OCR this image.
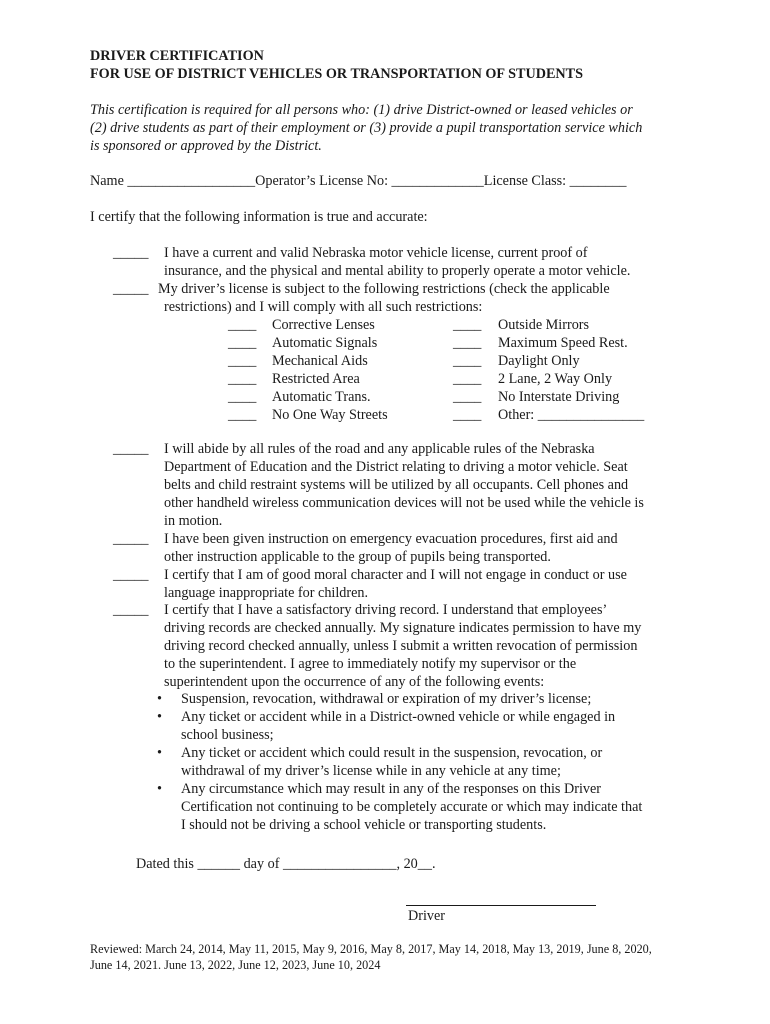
DRIVER CERTIFICATION
FOR USE OF DISTRICT VEHICLES OR TRANSPORTATION OF STUDENTS
This certification is required for all persons who: (1) drive District-owned or leased vehicles or
(2) drive students as part of their employment or (3) provide a pupil transportation service which
is sponsored or approved by the District.
Name __________________Operator’s License No: _____________License Class: ________
I certify that the following information is true and accurate:
_____ I have a current and valid Nebraska motor vehicle license, current proof of
insurance, and the physical and mental ability to properly operate a motor vehicle.
_____ My driver’s license is subject to the following restrictions (check the applicable
restrictions) and I will comply with all such restrictions:
____ Corrective Lenses	____ Outside Mirrors
____ Automatic Signals	____ Maximum Speed Rest.
____ Mechanical Aids	____ Daylight Only
____ Restricted Area	____ 2 Lane, 2 Way Only
____ Automatic Trans.	____ No Interstate Driving
____ No One Way Streets	____ Other: _______________
_____ I will abide by all rules of the road and any applicable rules of the Nebraska
Department of Education and the District relating to driving a motor vehicle. Seat
belts and child restraint systems will be utilized by all occupants. Cell phones and
other handheld wireless communication devices will not be used while the vehicle is
in motion.
_____ I have been given instruction on emergency evacuation procedures, first aid and
other instruction applicable to the group of pupils being transported.
_____ I certify that I am of good moral character and I will not engage in conduct or use
language inappropriate for children.
_____ I certify that I have a satisfactory driving record. I understand that employees’
driving records are checked annually. My signature indicates permission to have my
driving record checked annually, unless I submit a written revocation of permission
to the superintendent. I agree to immediately notify my supervisor or the
superintendent upon the occurrence of any of the following events:
• Suspension, revocation, withdrawal or expiration of my driver’s license;
• Any ticket or accident while in a District-owned vehicle or while engaged in
school business;
• Any ticket or accident which could result in the suspension, revocation, or
withdrawal of my driver’s license while in any vehicle at any time;
• Any circumstance which may result in any of the responses on this Driver
Certification not continuing to be completely accurate or which may indicate that
I should not be driving a school vehicle or transporting students.
Dated this ______ day of ________________, 20__.
Driver
Reviewed: March 24, 2014, May 11, 2015, May 9, 2016, May 8, 2017, May 14, 2018, May 13, 2019, June 8, 2020,
June 14, 2021. June 13, 2022, June 12, 2023, June 10, 2024
